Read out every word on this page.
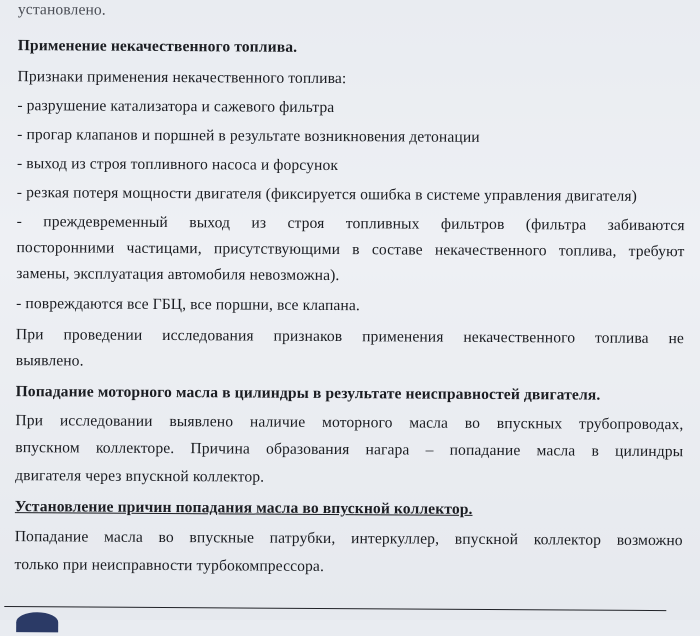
установлено.
Применение некачественного топлива.
Признаки применения некачественного топлива:
- разрушение катализатора и сажевого фильтра
- прогар клапанов и поршней в результате возникновения детонации
- выход из строя топливного насоса и форсунок
- резкая потеря мощности двигателя (фиксируется ошибка в системе управления двигателя)
- преждевременный выход из строя топливных фильтров (фильтра забиваются
посторонними частицами, присутствующими в составе некачественного топлива, требуют
замены, эксплуатация автомобиля невозможна).
- повреждаются все ГБЦ, все поршни, все клапана.
При проведении исследования признаков применения некачественного топлива не
выявлено.
Попадание моторного масла в цилиндры в результате неисправностей двигателя.
При исследовании выявлено наличие моторного масла во впускных трубопроводах,
впускном коллекторе. Причина образования нагара – попадание масла в цилиндры
двигателя через впускной коллектор.
Установление причин попадания масла во впускной коллектор.
Попадание масла во впускные патрубки, интеркуллер, впускной коллектор возможно
только при неисправности турбокомпрессора.
